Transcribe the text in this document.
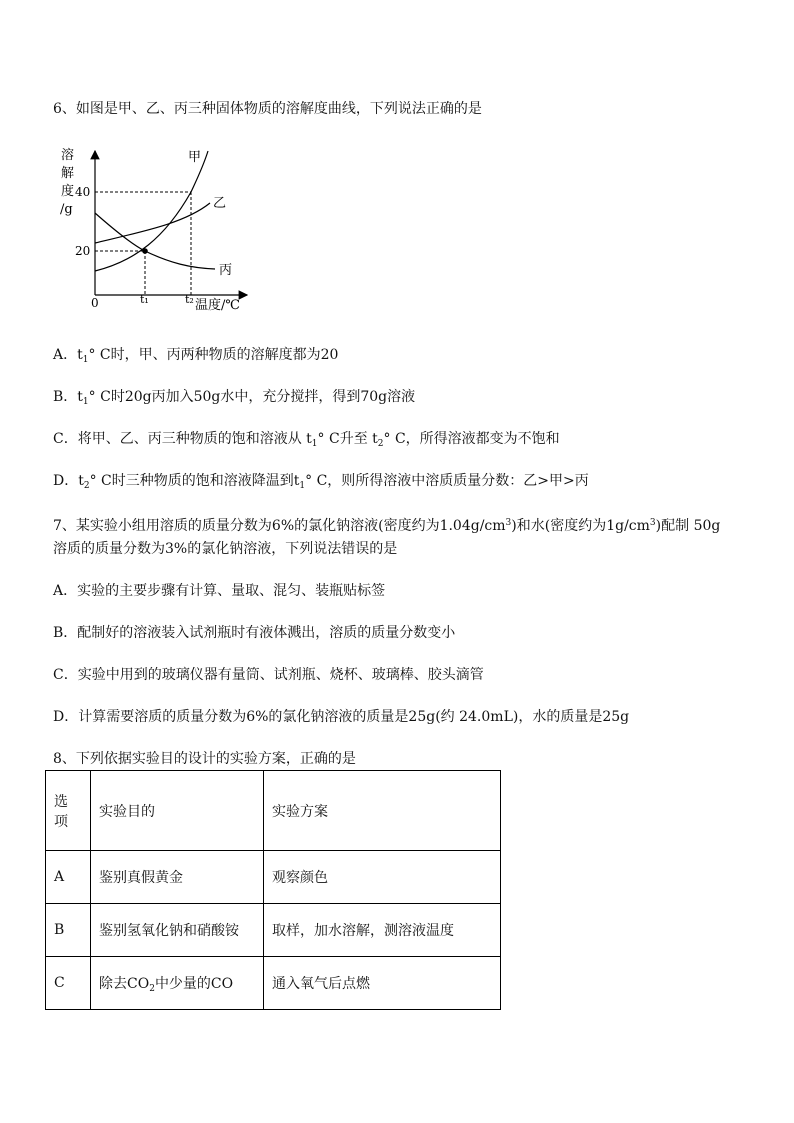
6、如图是甲、乙、丙三种固体物质的溶解度曲线，下列说法正确的是
溶
解
度
/g
40
20
0	t₁	t₂ 温度/℃
甲
乙
丙
A．$t_1^\circ$ C时，甲、丙两种物质的溶解度都为20
B．$t_1^\circ$ C时20g丙加入50g水中，充分搅拌，得到70g溶液
C．将甲、乙、丙三种物质的饱和溶液从 $t_1^\circ$ C升至 $t_2^\circ$ C，所得溶液都变为不饱和
D．$t_2^\circ$ C时三种物质的饱和溶液降温到$t_1^\circ$ C，则所得溶液中溶质质量分数：乙>甲>丙
7、某实验小组用溶质的质量分数为6%的氯化钠溶液(密度约为$1.04g/cm^3$)和水(密度约为$1g/cm^3$)配制 50g
溶质的质量分数为3%的氯化钠溶液，下列说法错误的是
A．实验的主要步骤有计算、量取、混匀、装瓶贴标签
B．配制好的溶液装入试剂瓶时有液体溅出，溶质的质量分数变小
C．实验中用到的玻璃仪器有量筒、试剂瓶、烧杯、玻璃棒、胶头滴管
D．计算需要溶质的质量分数为6%的氯化钠溶液的质量是25g(约 24.0mL)，水的质量是25g
8、下列依据实验目的设计的实验方案，正确的是
选
项	实验目的	实验方案
A	鉴别真假黄金	观察颜色
B	鉴别氢氧化钠和硝酸铵	取样，加水溶解，测溶液温度
C	除去$CO_2$中少量的CO	通入氧气后点燃
